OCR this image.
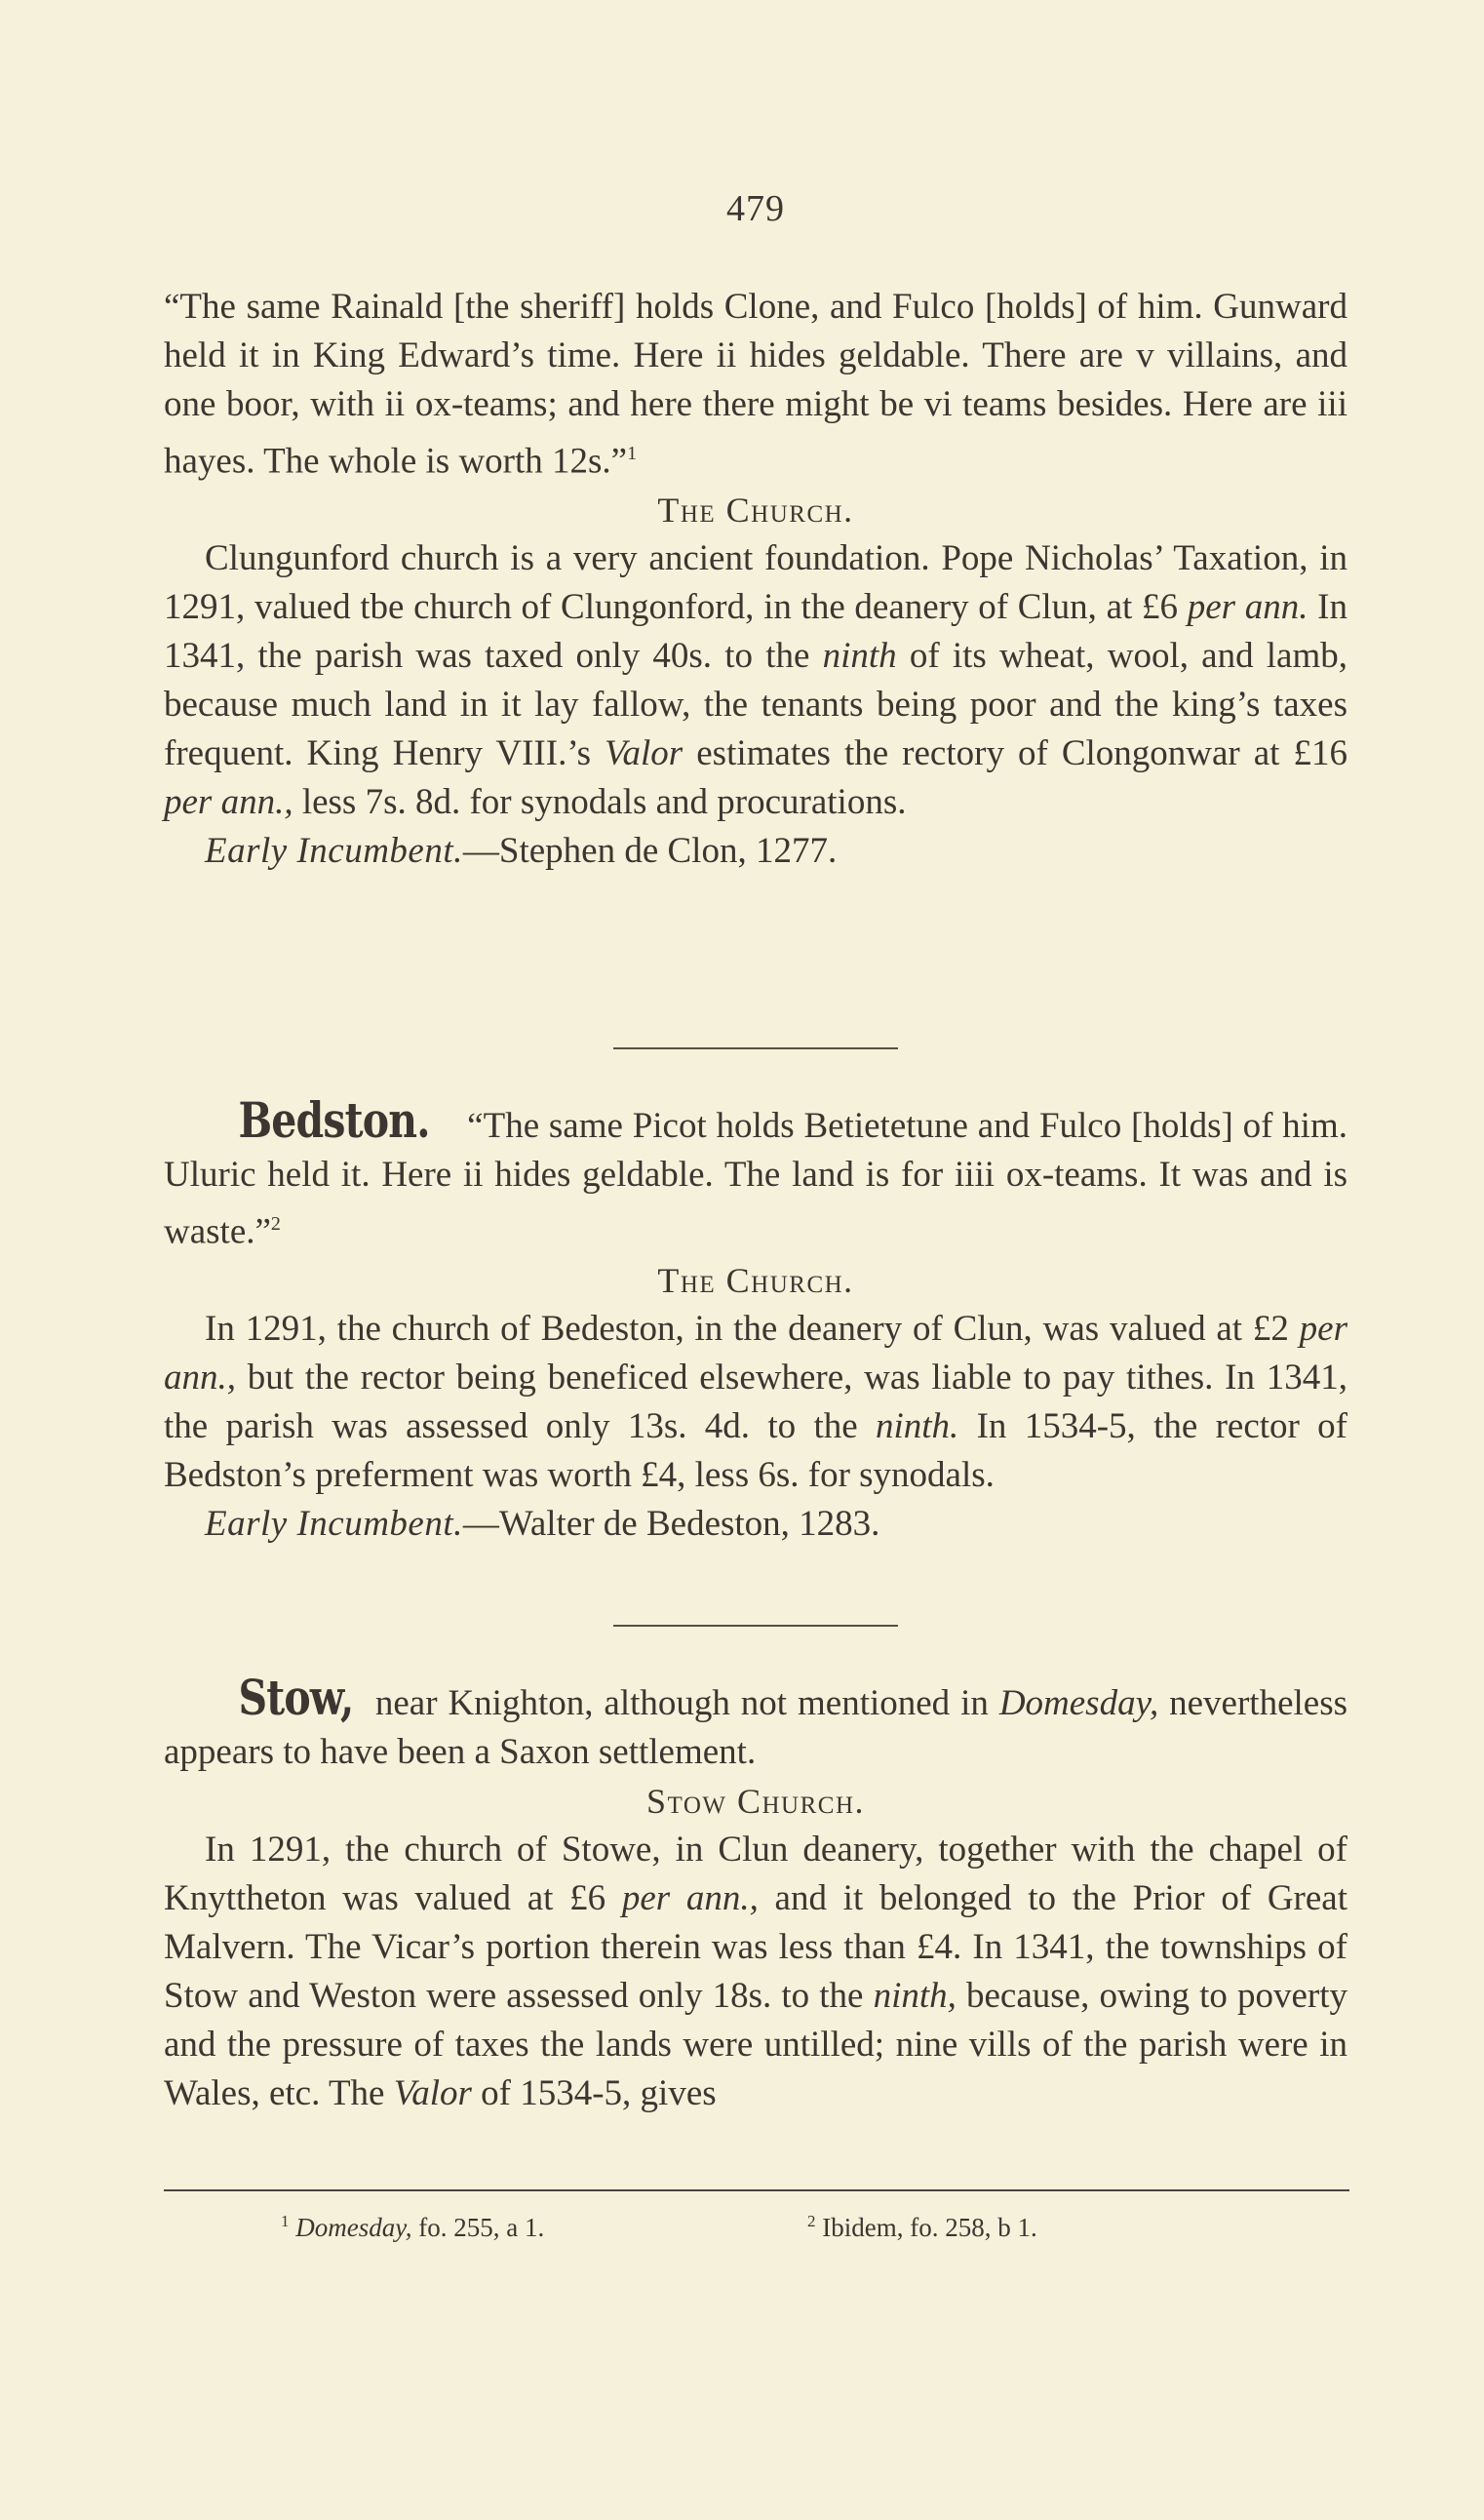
479

“The same Rainald [the sheriff] holds Clone, and Fulco [holds] of him. Gunward held it in King Edward’s time. Here ii hides geldable. There are v villains, and one boor, with ii ox-teams; and here there might be vi teams besides. Here are iii hayes. The whole is worth 12s.”$^1$

The Church.

Clungunford church is a very ancient foundation. Pope Nicholas’ Taxation, in 1291, valued tbe church of Clungonford, in the deanery of Clun, at £6 per ann. In 1341, the parish was taxed only 40s. to the ninth of its wheat, wool, and lamb, because much land in it lay fallow, the tenants being poor and the king’s taxes frequent. King Henry VIII.’s Valor estimates the rectory of Clongonwar at £16 per ann., less 7s. 8d. for synodals and procurations.

Early Incumbent.—Stephen de Clon, 1277.

Bedston. “The same Picot holds Betietetune and Fulco [holds] of him. Uluric held it. Here ii hides geldable. The land is for iiii ox-teams. It was and is waste.”$^2$

The Church.

In 1291, the church of Bedeston, in the deanery of Clun, was valued at £2 per ann., but the rector being beneficed elsewhere, was liable to pay tithes. In 1341, the parish was assessed only 13s. 4d. to the ninth. In 1534-5, the rector of Bedston’s preferment was worth £4, less 6s. for synodals.

Early Incumbent.—Walter de Bedeston, 1283.

Stow, near Knighton, although not mentioned in Domesday, nevertheless appears to have been a Saxon settlement.

Stow Church.

In 1291, the church of Stowe, in Clun deanery, together with the chapel of Knyttheton was valued at £6 per ann., and it belonged to the Prior of Great Malvern. The Vicar’s portion therein was less than £4. In 1341, the townships of Stow and Weston were assessed only 18s. to the ninth, because, owing to poverty and the pressure of taxes the lands were untilled; nine vills of the parish were in Wales, etc. The Valor of 1534-5, gives

$^1$ Domesday, fo. 255, a 1.	$^2$ Ibidem, fo. 258, b 1.
